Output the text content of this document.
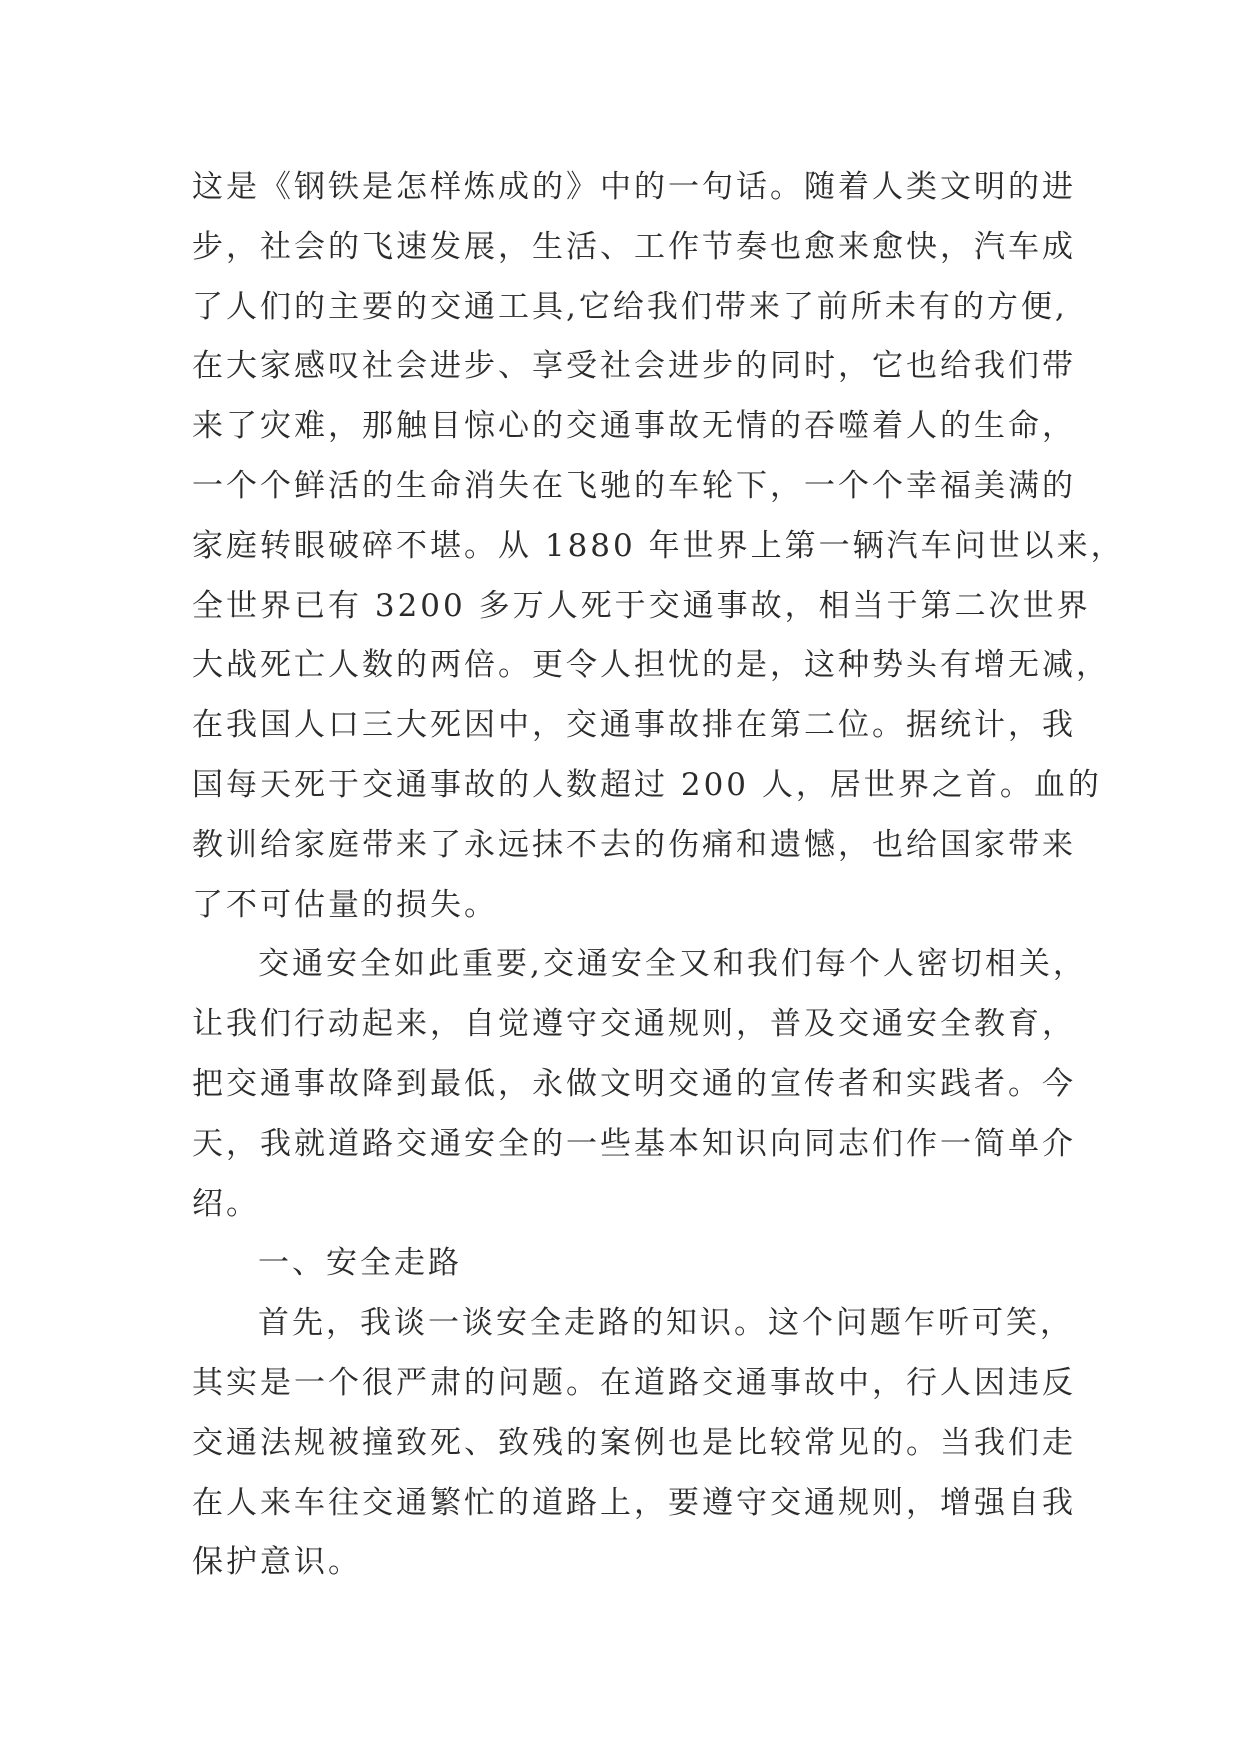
这是《钢铁是怎样炼成的》中的一句话。随着人类文明的进
步，社会的飞速发展，生活、工作节奏也愈来愈快，汽车成
了人们的主要的交通工具,它给我们带来了前所未有的方便,
在大家感叹社会进步、享受社会进步的同时，它也给我们带
来了灾难，那触目惊心的交通事故无情的吞噬着人的生命，
一个个鲜活的生命消失在飞驰的车轮下，一个个幸福美满的
家庭转眼破碎不堪。从 1880 年世界上第一辆汽车问世以来，
全世界已有 3200 多万人死于交通事故，相当于第二次世界
大战死亡人数的两倍。更令人担忧的是，这种势头有增无减，
在我国人口三大死因中，交通事故排在第二位。据统计，我
国每天死于交通事故的人数超过 200 人，居世界之首。血的
教训给家庭带来了永远抹不去的伤痛和遗憾，也给国家带来
了不可估量的损失。
交通安全如此重要,交通安全又和我们每个人密切相关，
让我们行动起来，自觉遵守交通规则，普及交通安全教育，
把交通事故降到最低，永做文明交通的宣传者和实践者。今
天，我就道路交通安全的一些基本知识向同志们作一简单介
绍。
一、安全走路
首先，我谈一谈安全走路的知识。这个问题乍听可笑，
其实是一个很严肃的问题。在道路交通事故中，行人因违反
交通法规被撞致死、致残的案例也是比较常见的。当我们走
在人来车往交通繁忙的道路上，要遵守交通规则，增强自我
保护意识。
